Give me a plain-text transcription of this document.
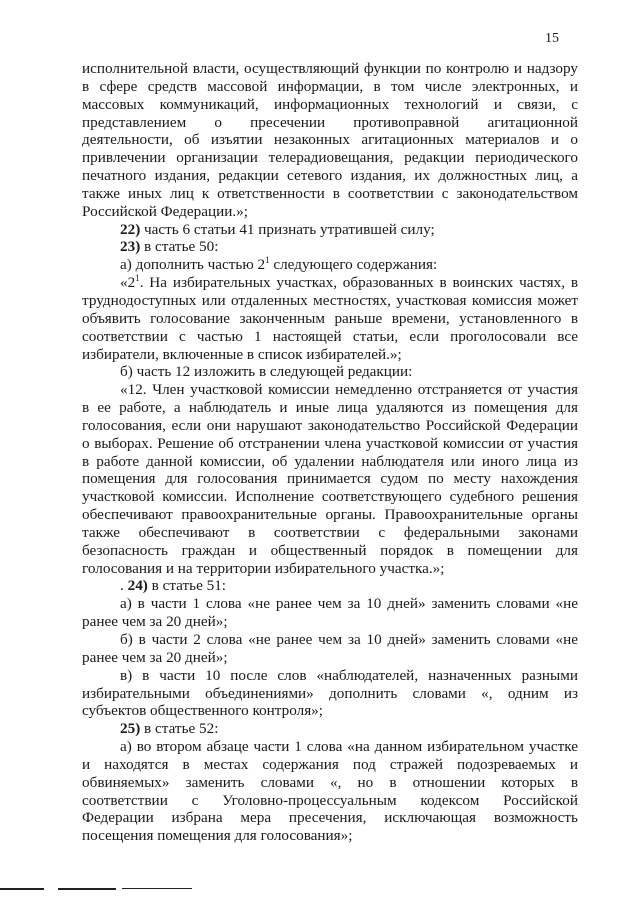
15
исполнительной власти, осуществляющий функции по контролю и надзору
в сфере средств массовой информации, в том числе электронных, и
массовых коммуникаций, информационных технологий и связи, с
представлением о пресечении противоправной агитационной
деятельности, об изъятии незаконных агитационных материалов и о
привлечении организации телерадиовещания, редакции периодического
печатного издания, редакции сетевого издания, их должностных лиц, а
также иных лиц к ответственности в соответствии с законодательством
Российской Федерации.»;
22) часть 6 статьи 41 признать утратившей силу;
23) в статье 50:
а) дополнить частью $2^1$ следующего содержания:
«$2^1$. На избирательных участках, образованных в воинских частях, в
труднодоступных или отдаленных местностях, участковая комиссия может
объявить голосование законченным раньше времени, установленного в
соответствии с частью 1 настоящей статьи, если проголосовали все
избиратели, включенные в список избирателей.»;
б) часть 12 изложить в следующей редакции:
«12. Член участковой комиссии немедленно отстраняется от участия
в ее работе, а наблюдатель и иные лица удаляются из помещения для
голосования, если они нарушают законодательство Российской Федерации
о выборах. Решение об отстранении члена участковой комиссии от участия
в работе данной комиссии, об удалении наблюдателя или иного лица из
помещения для голосования принимается судом по месту нахождения
участковой комиссии. Исполнение соответствующего судебного решения
обеспечивают правоохранительные органы. Правоохранительные органы
также обеспечивают в соответствии с федеральными законами
безопасность граждан и общественный порядок в помещении для
голосования и на территории избирательного участка.»;
. 24) в статье 51:
а) в части 1 слова «не ранее чем за 10 дней» заменить словами «не
ранее чем за 20 дней»;
б) в части 2 слова «не ранее чем за 10 дней» заменить словами «не
ранее чем за 20 дней»;
в) в части 10 после слов «наблюдателей, назначенных разными
избирательными объединениями» дополнить словами «, одним из
субъектов общественного контроля»;
25) в статье 52:
а) во втором абзаце части 1 слова «на данном избирательном участке
и находятся в местах содержания под стражей подозреваемых и
обвиняемых» заменить словами «, но в отношении которых в
соответствии с Уголовно-процессуальным кодексом Российской
Федерации избрана мера пресечения, исключающая возможность
посещения помещения для голосования»;
